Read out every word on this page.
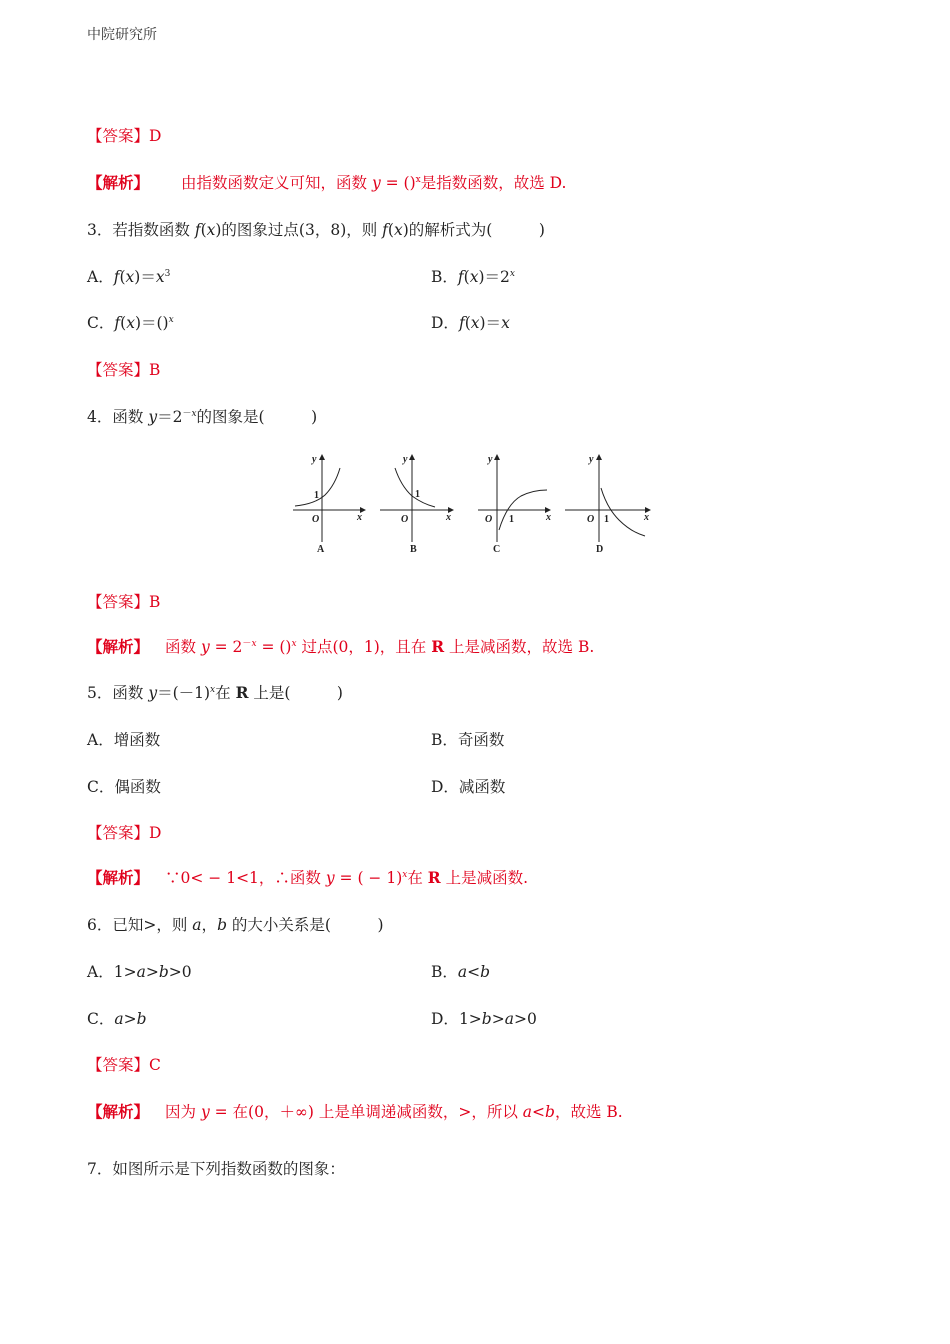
中院研究所
【答案】D
【解析】 由指数函数定义可知，函数 y = ()$^x$是指数函数，故选 D.
3．若指数函数 f(x)的图象过点(3，8)，则 f(x)的解析式为(　　　)
A．$f(x)=x^3$	B．$f(x)=2^x$
C．f(x)＝()$^x$	D．f(x)＝x
【答案】B
4．函数 $y=2^{-x}$的图象是(　　　)
y	y	y	y
x	x	x	x
O	O	O	O
1	1
1	1
A	B	C	D
【答案】B
【解析】 函数 $y = 2^{-x} = ()^x$ 过点(0，1)，且在 R 上是减函数，故选 B.
5．函数 $y=(-1)^x$在 R 上是(　　　)
A．增函数	B．奇函数
C．偶函数	D．减函数
【答案】D
【解析】 ∵0< − 1<1，∴函数 y = ( − 1)$^x$在 R 上是减函数.
6．已知>，则 a，b 的大小关系是(　　　)
A．1>a>b>0	B．a<b
C．a>b	D．1>b>a>0
【答案】C
【解析】 因为 y = 在(0，＋∞) 上是单调递减函数，>，所以 a<b，故选 B.
7．如图所示是下列指数函数的图象：
